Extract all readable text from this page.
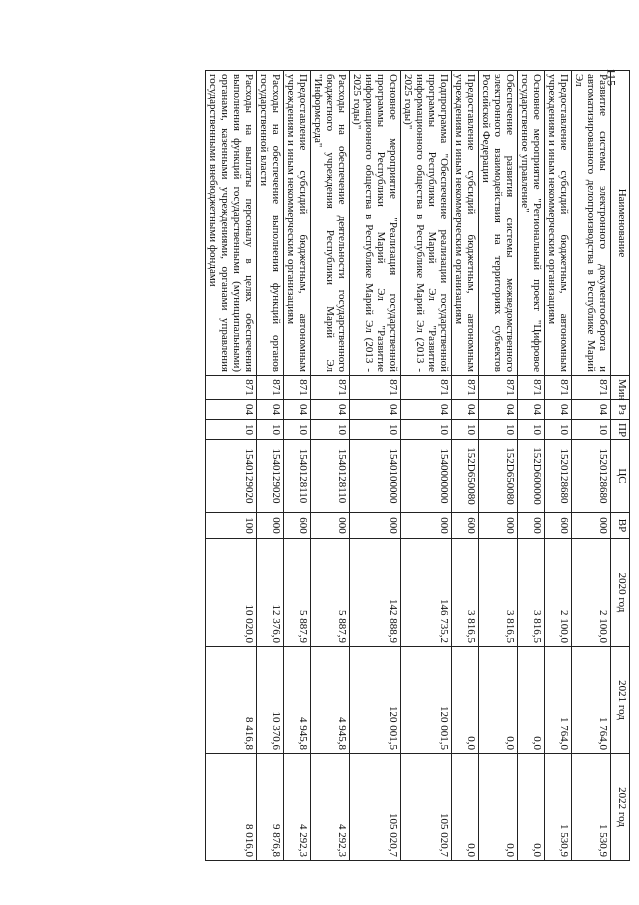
115
Наименование	Мин	Рз	ПР	ЦС	ВР	2020 год	2021 год	2022 год
Развитие системы электронного документооборота и автоматизированного делопроизводства в Республике Марий Эл	871	04	10	1520128680	000	2 100,0	1 764,0	1 530,9
Предоставление субсидий бюджетным, автономным учреждениям и иным некоммерческим организациям	871	04	10	1520128680	600	2 100,0	1 764,0	1 530,9
Основное мероприятие "Региональный проект "Цифровое государственное управление"	871	04	10	152D600000	000	3 816,5	0,0	0,0
Обеспечение развития системы межведомственного электронного взаимодействия на территориях субъектов Российской Федерации	871	04	10	152D650080	000	3 816,5	0,0	0,0
Предоставление субсидий бюджетным, автономным учреждениям и иным некоммерческим организациям	871	04	10	152D650080	600	3 816,5	0,0	0,0
Подпрограмма "Обеспечение реализации государственной программы Республики Марий Эл "Развитие информационного общества в Республике Марий Эл (2013 - 2025 годы)"	871	04	10	1540000000	000	146 735,2	120 001,5	105 020,7
Основное мероприятие "Реализация государственной программы Республики Марий Эл "Развитие информационного общества в Республике Марий Эл (2013 - 2025 годы)"	871	04	10	1540100000	000	142 888,9	120 001,5	105 020,7
Расходы на обеспечение деятельности государственного бюджетного учреждения Республики Марий Эл "Информсреда"	871	04	10	1540128110	000	5 887,9	4 945,8	4 292,3
Предоставление субсидий бюджетным, автономным учреждениям и иным некоммерческим организациям	871	04	10	1540128110	600	5 887,9	4 945,8	4 292,3
Расходы на обеспечение выполнения функций органов государственной власти	871	04	10	1540129020	000	12 376,0	10 370,6	9 876,8
Расходы на выплаты персоналу в целях обеспечения выполнения функций государственными (муниципальными) органами, казенными учреждениями, органами управления государственными внебюджетными фондами	871	04	10	1540129020	100	10 020,0	8 416,8	8 016,0
